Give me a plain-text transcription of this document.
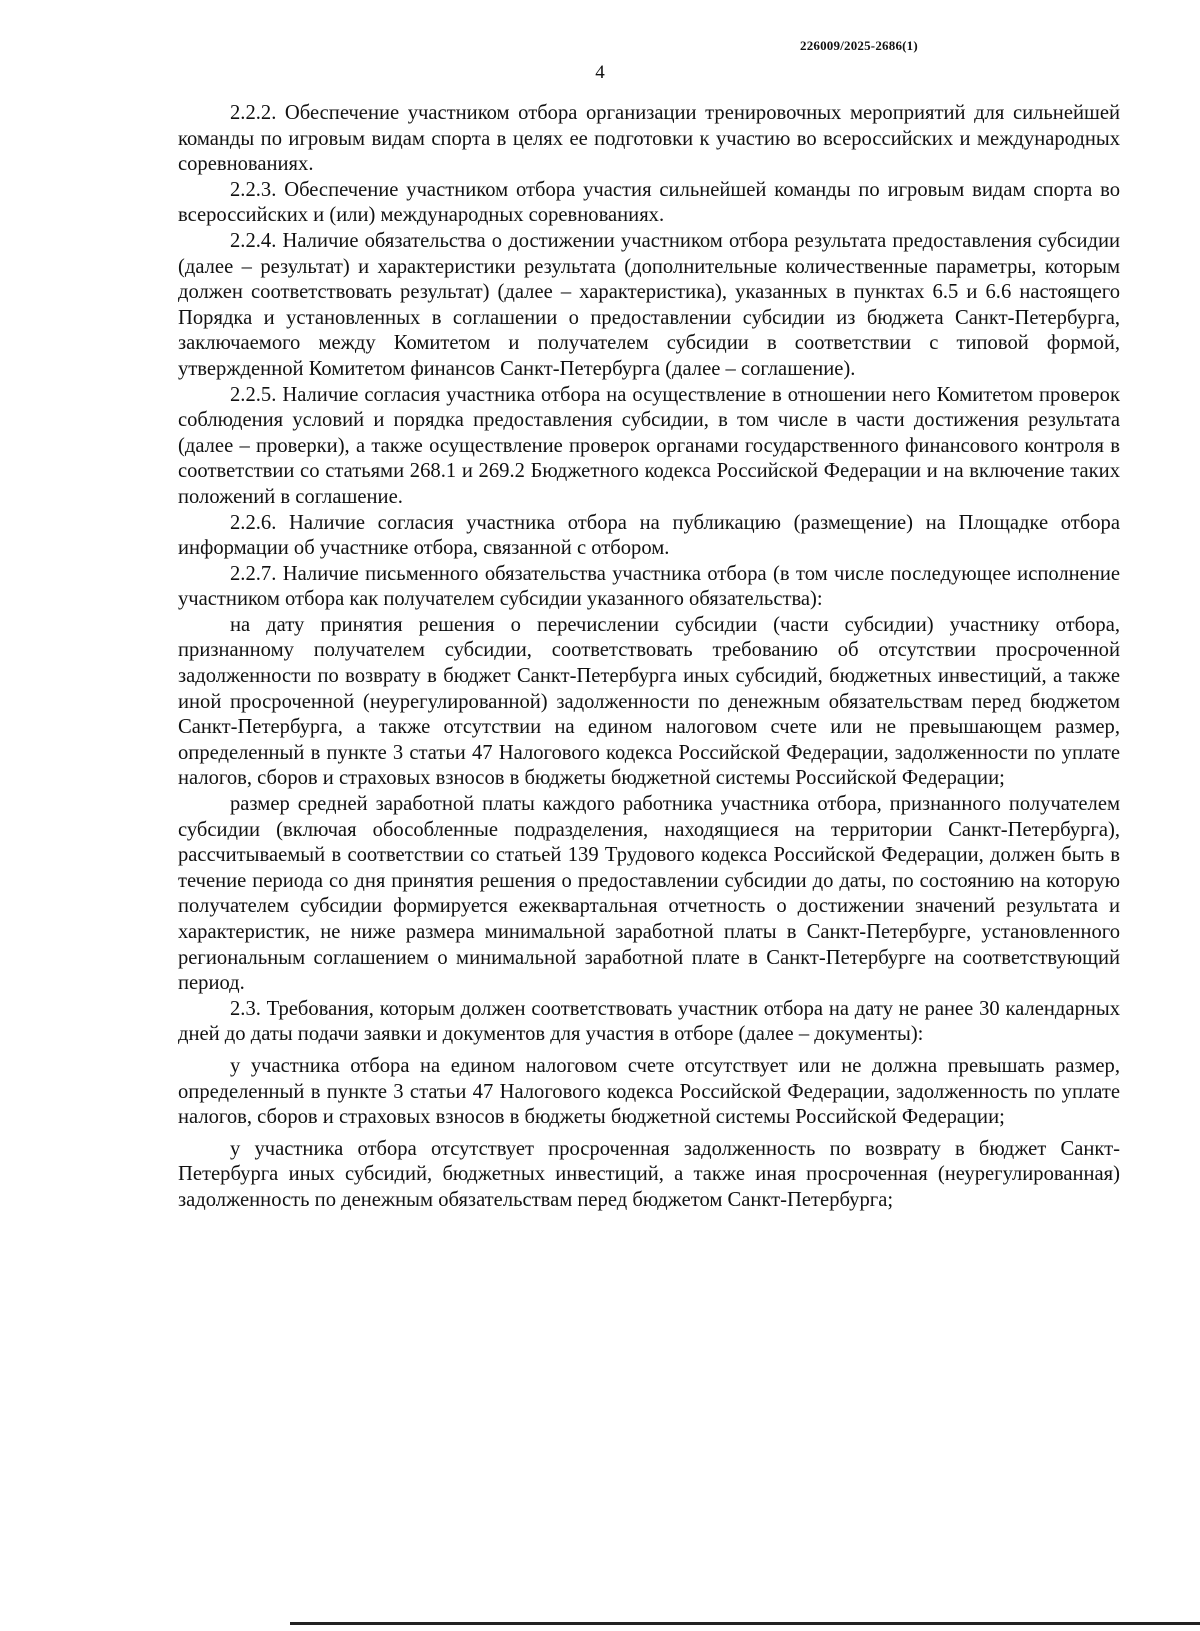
226009/2025-2686(1)
4

2.2.2. Обеспечение участником отбора организации тренировочных мероприятий для сильнейшей команды по игровым видам спорта в целях ее подготовки к участию во всероссийских и международных соревнованиях.

2.2.3. Обеспечение участником отбора участия сильнейшей команды по игровым видам спорта во всероссийских и (или) международных соревнованиях.

2.2.4. Наличие обязательства о достижении участником отбора результата предоставления субсидии (далее – результат) и характеристики результата (дополнительные количественные параметры, которым должен соответствовать результат) (далее – характеристика), указанных в пунктах 6.5 и 6.6 настоящего Порядка и установленных в соглашении о предоставлении субсидии из бюджета Санкт-Петербурга, заключаемого между Комитетом и получателем субсидии в соответствии с типовой формой, утвержденной Комитетом финансов Санкт-Петербурга (далее – соглашение).

2.2.5. Наличие согласия участника отбора на осуществление в отношении него Комитетом проверок соблюдения условий и порядка предоставления субсидии, в том числе в части достижения результата (далее – проверки), а также осуществление проверок органами государственного финансового контроля в соответствии со статьями 268.1 и 269.2 Бюджетного кодекса Российской Федерации и на включение таких положений в соглашение.

2.2.6. Наличие согласия участника отбора на публикацию (размещение) на Площадке отбора информации об участнике отбора, связанной с отбором.

2.2.7. Наличие письменного обязательства участника отбора (в том числе последующее исполнение участником отбора как получателем субсидии указанного обязательства):

на дату принятия решения о перечислении субсидии (части субсидии) участнику отбора, признанному получателем субсидии, соответствовать требованию об отсутствии просроченной задолженности по возврату в бюджет Санкт-Петербурга иных субсидий, бюджетных инвестиций, а также иной просроченной (неурегулированной) задолженности по денежным обязательствам перед бюджетом Санкт-Петербурга, а также отсутствии на едином налоговом счете или не превышающем размер, определенный в пункте 3 статьи 47 Налогового кодекса Российской Федерации, задолженности по уплате налогов, сборов и страховых взносов в бюджеты бюджетной системы Российской Федерации;

размер средней заработной платы каждого работника участника отбора, признанного получателем субсидии (включая обособленные подразделения, находящиеся на территории Санкт-Петербурга), рассчитываемый в соответствии со статьей 139 Трудового кодекса Российской Федерации, должен быть в течение периода со дня принятия решения о предоставлении субсидии до даты, по состоянию на которую получателем субсидии формируется ежеквартальная отчетность о достижении значений результата и характеристик, не ниже размера минимальной заработной платы в Санкт-Петербурге, установленного региональным соглашением о минимальной заработной плате в Санкт-Петербурге на соответствующий период.

2.3. Требования, которым должен соответствовать участник отбора на дату не ранее 30 календарных дней до даты подачи заявки и документов для участия в отборе (далее – документы):

у участника отбора на едином налоговом счете отсутствует или не должна превышать размер, определенный в пункте 3 статьи 47 Налогового кодекса Российской Федерации, задолженность по уплате налогов, сборов и страховых взносов в бюджеты бюджетной системы Российской Федерации;

у участника отбора отсутствует просроченная задолженность по возврату в бюджет Санкт-Петербурга иных субсидий, бюджетных инвестиций, а также иная просроченная (неурегулированная) задолженность по денежным обязательствам перед бюджетом Санкт-Петербурга;
